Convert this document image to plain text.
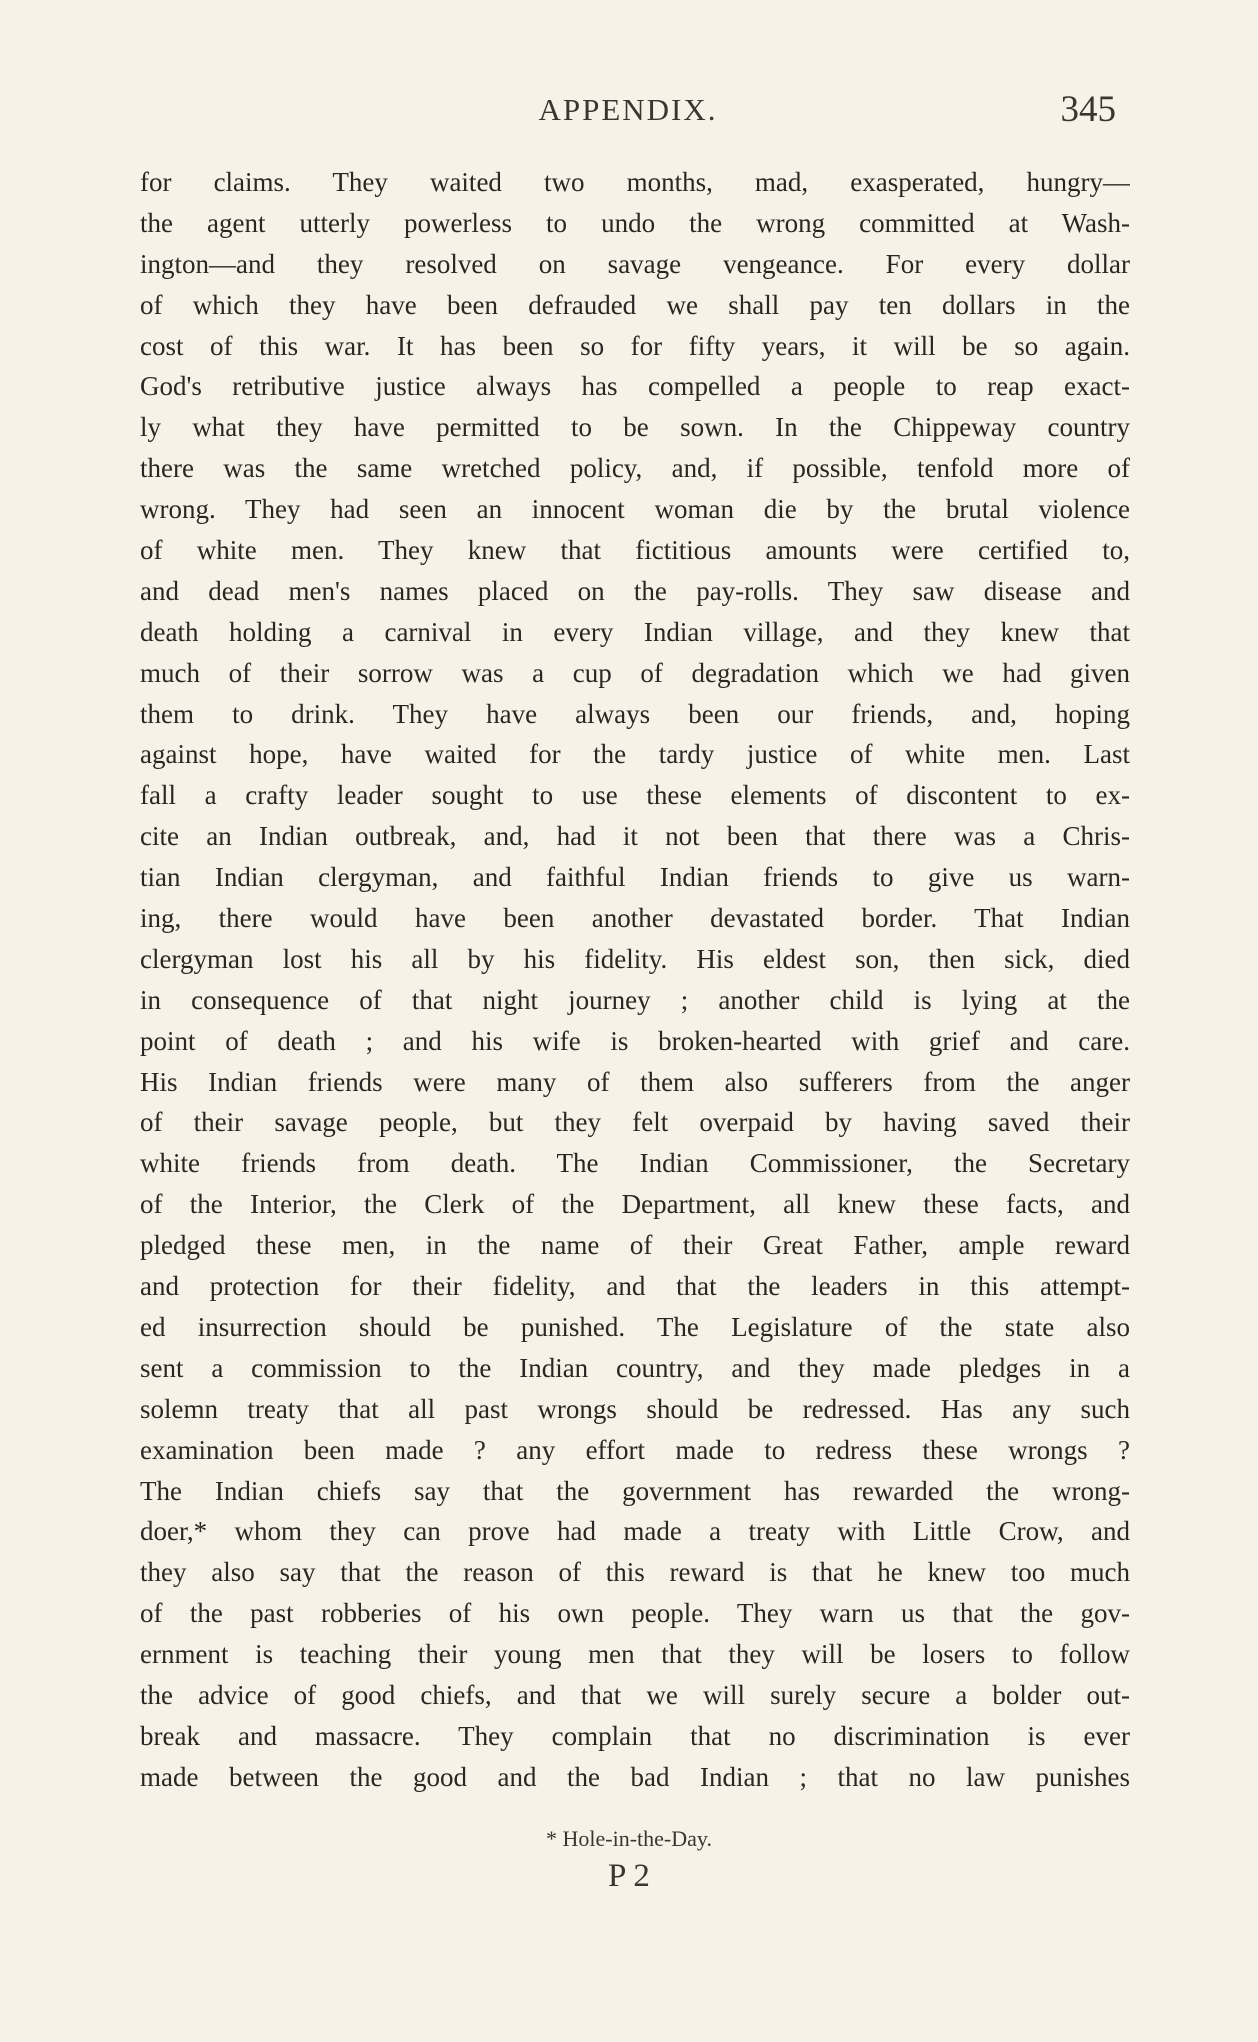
APPENDIX.	345
for claims. They waited two months, mad, exasperated, hungry—
the agent utterly powerless to undo the wrong committed at Wash-
ington—and they resolved on savage vengeance. For every dollar
of which they have been defrauded we shall pay ten dollars in the
cost of this war. It has been so for fifty years, it will be so again.
God's retributive justice always has compelled a people to reap exact-
ly what they have permitted to be sown. In the Chippeway country
there was the same wretched policy, and, if possible, tenfold more of
wrong. They had seen an innocent woman die by the brutal violence
of white men. They knew that fictitious amounts were certified to,
and dead men's names placed on the pay-rolls. They saw disease and
death holding a carnival in every Indian village, and they knew that
much of their sorrow was a cup of degradation which we had given
them to drink. They have always been our friends, and, hoping
against hope, have waited for the tardy justice of white men. Last
fall a crafty leader sought to use these elements of discontent to ex-
cite an Indian outbreak, and, had it not been that there was a Chris-
tian Indian clergyman, and faithful Indian friends to give us warn-
ing, there would have been another devastated border. That Indian
clergyman lost his all by his fidelity. His eldest son, then sick, died
in consequence of that night journey ; another child is lying at the
point of death ; and his wife is broken-hearted with grief and care.
His Indian friends were many of them also sufferers from the anger
of their savage people, but they felt overpaid by having saved their
white friends from death. The Indian Commissioner, the Secretary
of the Interior, the Clerk of the Department, all knew these facts, and
pledged these men, in the name of their Great Father, ample reward
and protection for their fidelity, and that the leaders in this attempt-
ed insurrection should be punished. The Legislature of the state also
sent a commission to the Indian country, and they made pledges in a
solemn treaty that all past wrongs should be redressed. Has any such
examination been made ? any effort made to redress these wrongs ?
The Indian chiefs say that the government has rewarded the wrong-
doer,* whom they can prove had made a treaty with Little Crow, and
they also say that the reason of this reward is that he knew too much
of the past robberies of his own people. They warn us that the gov-
ernment is teaching their young men that they will be losers to follow
the advice of good chiefs, and that we will surely secure a bolder out-
break and massacre. They complain that no discrimination is ever
made between the good and the bad Indian ; that no law punishes
* Hole-in-the-Day.
P 2
